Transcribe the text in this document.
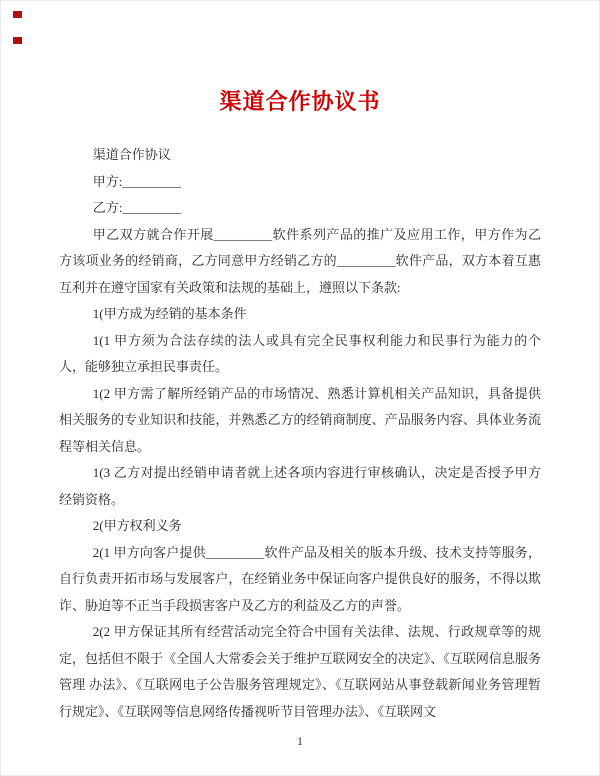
渠道合作协议书

渠道合作协议

甲方:_________

乙方:_________

甲乙双方就合作开展_________软件系列产品的推广及应用工作，甲方作为乙方该项业务的经销商，乙方同意甲方经销乙方的_________软件产品，双方本着互惠互利并在遵守国家有关政策和法规的基础上，遵照以下条款:

1(甲方成为经销的基本条件

1(1 甲方须为合法存续的法人或具有完全民事权利能力和民事行为能力的个人，能够独立承担民事责任。

1(2 甲方需了解所经销产品的市场情况、熟悉计算机相关产品知识，具备提供相关服务的专业知识和技能，并熟悉乙方的经销商制度、产品服务内容、具体业务流程等相关信息。

1(3 乙方对提出经销申请者就上述各项内容进行审核确认，决定是否授予甲方经销资格。

2(甲方权利义务

2(1 甲方向客户提供_________软件产品及相关的版本升级、技术支持等服务，自行负责开拓市场与发展客户，在经销业务中保证向客户提供良好的服务，不得以欺诈、胁迫等不正当手段损害客户及乙方的利益及乙方的声誉。

2(2 甲方保证其所有经营活动完全符合中国有关法律、法规、行政规章等的规定，包括但不限于《全国人大常委会关于维护互联网安全的决定》、《互联网信息服务管理 办法》、《互联网电子公告服务管理规定》、《互联网站从事登载新闻业务管理暂行规定》、《互联网等信息网络传播视听节目管理办法》、《互联网文

1
